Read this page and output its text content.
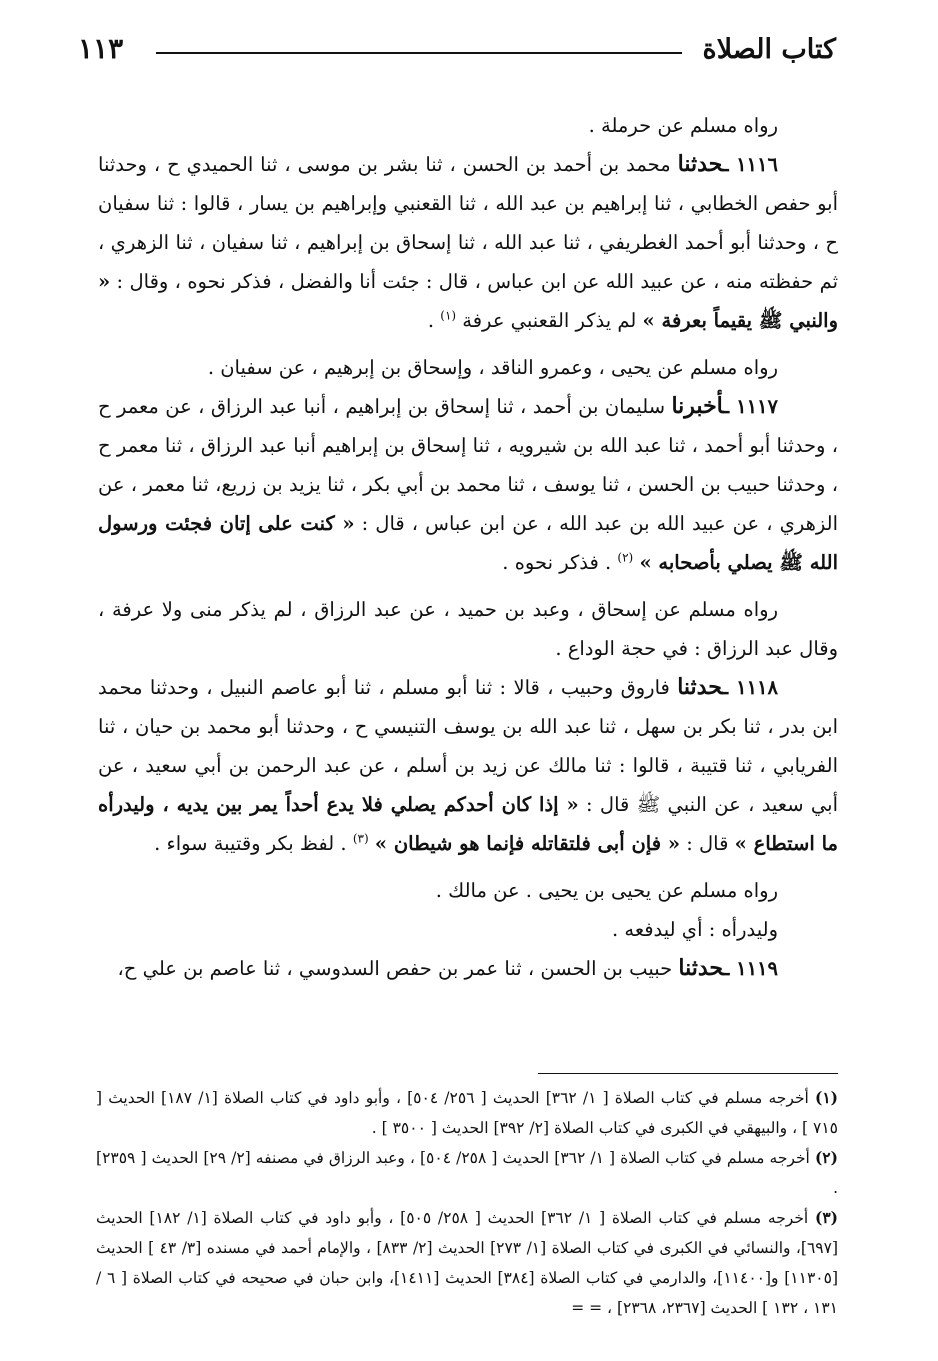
كتاب الصلاة
١١٣

رواه مسلم عن حرملة .

١١١٦ ـحدثنا محمد بن أحمد بن الحسن ، ثنا بشر بن موسى ، ثنا الحميدي ح ، وحدثنا أبو حفص الخطابي ، ثنا إبراهيم بن عبد الله ، ثنا القعنبي وإبراهيم بن يسار ، قالوا : ثنا سفيان ح ، وحدثنا أبو أحمد الغطريفي ، ثنا عبد الله ، ثنا إسحاق بن إبراهيم ، ثنا سفيان ، ثنا الزهري ، ثم حفظته منه ، عن عبيد الله عن ابن عباس ، قال : جئت أنا والفضل ، فذكر نحوه ، وقال : « والنبي ﷺ يقيماً بعرفة » لم يذكر القعنبي عرفة $^{(١)}$ .

رواه مسلم عن يحيى ، وعمرو الناقد ، وإسحاق بن إبرهيم ، عن سفيان .

١١١٧ ـأخبرنا سليمان بن أحمد ، ثنا إسحاق بن إبراهيم ، أنبا عبد الرزاق ، عن معمر ح ، وحدثنا أبو أحمد ، ثنا عبد الله بن شيرويه ، ثنا إسحاق بن إبراهيم أنبا عبد الرزاق ، ثنا معمر ح ، وحدثنا حبيب بن الحسن ، ثنا يوسف ، ثنا محمد بن أبي بكر ، ثنا يزيد بن زريع، ثنا معمر ، عن الزهري ، عن عبيد الله بن عبد الله ، عن ابن عباس ، قال : « كنت على إتان فجئت ورسول الله ﷺ يصلي بأصحابه » $^{(٢)}$ . فذكر نحوه .

رواه مسلم عن إسحاق ، وعبد بن حميد ، عن عبد الرزاق ، لم يذكر منى ولا عرفة ، وقال عبد الرزاق : في حجة الوداع .

١١١٨ ـحدثنا فاروق وحبيب ، قالا : ثنا أبو مسلم ، ثنا أبو عاصم النبيل ، وحدثنا محمد ابن بدر ، ثنا بكر بن سهل ، ثنا عبد الله بن يوسف التنيسي ح ، وحدثنا أبو محمد بن حيان ، ثنا الفريابي ، ثنا قتيبة ، قالوا : ثنا مالك عن زيد بن أسلم ، عن عبد الرحمن بن أبي سعيد ، عن أبي سعيد ، عن النبي ﷺ قال : « إذا كان أحدكم يصلي فلا يدع أحداً يمر بين يديه ، وليدرأه ما استطاع » قال : « فإن أبى فلتقاتله فإنما هو شيطان » $^{(٣)}$ . لفظ بكر وقتيبة سواء .

رواه مسلم عن يحيى بن يحيى . عن مالك .

وليدرأه : أي ليدفعه .

١١١٩ ـحدثنا حبيب بن الحسن ، ثنا عمر بن حفص السدوسي ، ثنا عاصم بن علي ح،

(١) أخرجه مسلم في كتاب الصلاة [ ١/ ٣٦٢] الحديث [ ٢٥٦/ ٥٠٤] ، وأبو داود في كتاب الصلاة [١/ ١٨٧] الحديث [ ٧١٥ ] ، والبيهقي في الكبرى في كتاب الصلاة [٢/ ٣٩٢] الحديث [ ٣٥٠٠ ] .

(٢) أخرجه مسلم في كتاب الصلاة [ ١/ ٣٦٢] الحديث [ ٢٥٨/ ٥٠٤] ، وعبد الرزاق في مصنفه [٢/ ٢٩] الحديث [ ٢٣٥٩] .

(٣) أخرجه مسلم في كتاب الصلاة [ ١/ ٣٦٢] الحديث [ ٢٥٨/ ٥٠٥] ، وأبو داود في كتاب الصلاة [١/ ١٨٢] الحديث [٦٩٧]، والنسائي في الكبرى في كتاب الصلاة [١/ ٢٧٣] الحديث [٢/ ٨٣٣] ، والإمام أحمد في مسنده [٣/ ٤٣ ] الحديث [١١٣٠٥] و[١١٤٠٠]، والدارمي في كتاب الصلاة [٣٨٤] الحديث [١٤١١]، وابن حبان في صحيحه في كتاب الصلاة [ ٦ / ١٣١ ، ١٣٢ ] الحديث [٢٣٦٧، ٢٣٦٨] ، = =
